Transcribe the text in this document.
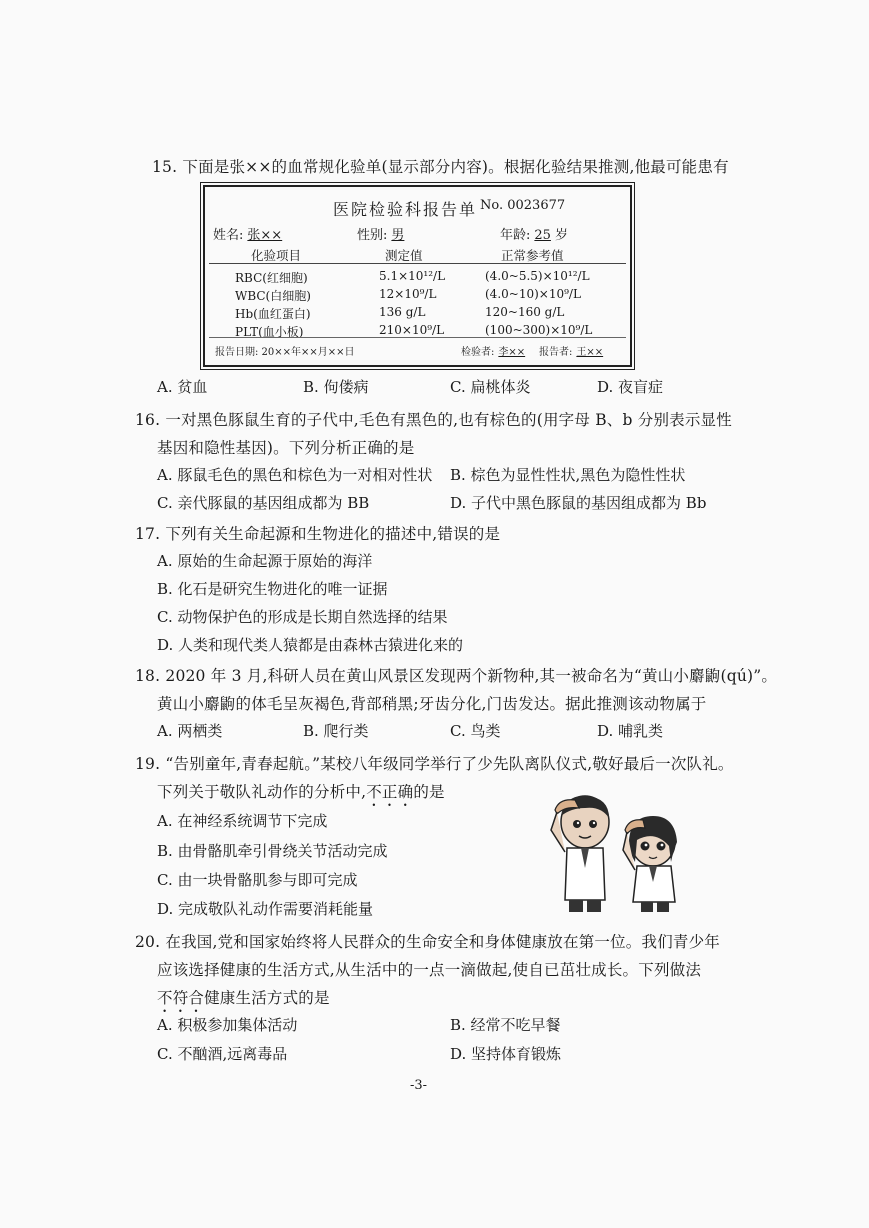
15. 下面是张××的血常规化验单(显示部分内容)。根据化验结果推测,他最可能患有
医院检验科报告单 No. 0023677
姓名: 张××	性别: 男	年龄: 25 岁
化验项目	测定值	正常参考值
RBC(红细胞)	5.1×10¹²/L	(4.0~5.5)×10¹²/L
WBC(白细胞)	12×10⁹/L	(4.0~10)×10⁹/L
Hb(血红蛋白)	136 g/L	120~160 g/L
PLT(血小板)	210×10⁹/L	(100~300)×10⁹/L
报告日期: 20××年××月××日	检验者: 李××	报告者: 王××
A. 贫血	B. 佝偻病	C. 扁桃体炎	D. 夜盲症
16. 一对黑色豚鼠生育的子代中,毛色有黑色的,也有棕色的(用字母 B、b 分别表示显性
基因和隐性基因)。下列分析正确的是
A. 豚鼠毛色的黑色和棕色为一对相对性状 B. 棕色为显性性状,黑色为隐性性状
C. 亲代豚鼠的基因组成都为 BB	D. 子代中黑色豚鼠的基因组成都为 Bb
17. 下列有关生命起源和生物进化的描述中,错误的是
A. 原始的生命起源于原始的海洋
B. 化石是研究生物进化的唯一证据
C. 动物保护色的形成是长期自然选择的结果
D. 人类和现代类人猿都是由森林古猿进化来的
18. 2020 年 3 月,科研人员在黄山风景区发现两个新物种,其一被命名为“黄山小麝鼩(qú)”。
黄山小麝鼩的体毛呈灰褐色,背部稍黑;牙齿分化,门齿发达。据此推测该动物属于
A. 两栖类	B. 爬行类	C. 鸟类	D. 哺乳类
19. “告别童年,青春起航。”某校八年级同学举行了少先队离队仪式,敬好最后一次队礼。
下列关于敬队礼动作的分析中,不正确的是
A. 在神经系统调节下完成
B. 由骨骼肌牵引骨绕关节活动完成
C. 由一块骨骼肌参与即可完成
D. 完成敬队礼动作需要消耗能量
20. 在我国,党和国家始终将人民群众的生命安全和身体健康放在第一位。我们青少年
应该选择健康的生活方式,从生活中的一点一滴做起,使自已茁壮成长。下列做法
不符合健康生活方式的是
A. 积极参加集体活动	B. 经常不吃早餐
C. 不酗酒,远离毒品	D. 坚持体育锻炼
-3-
